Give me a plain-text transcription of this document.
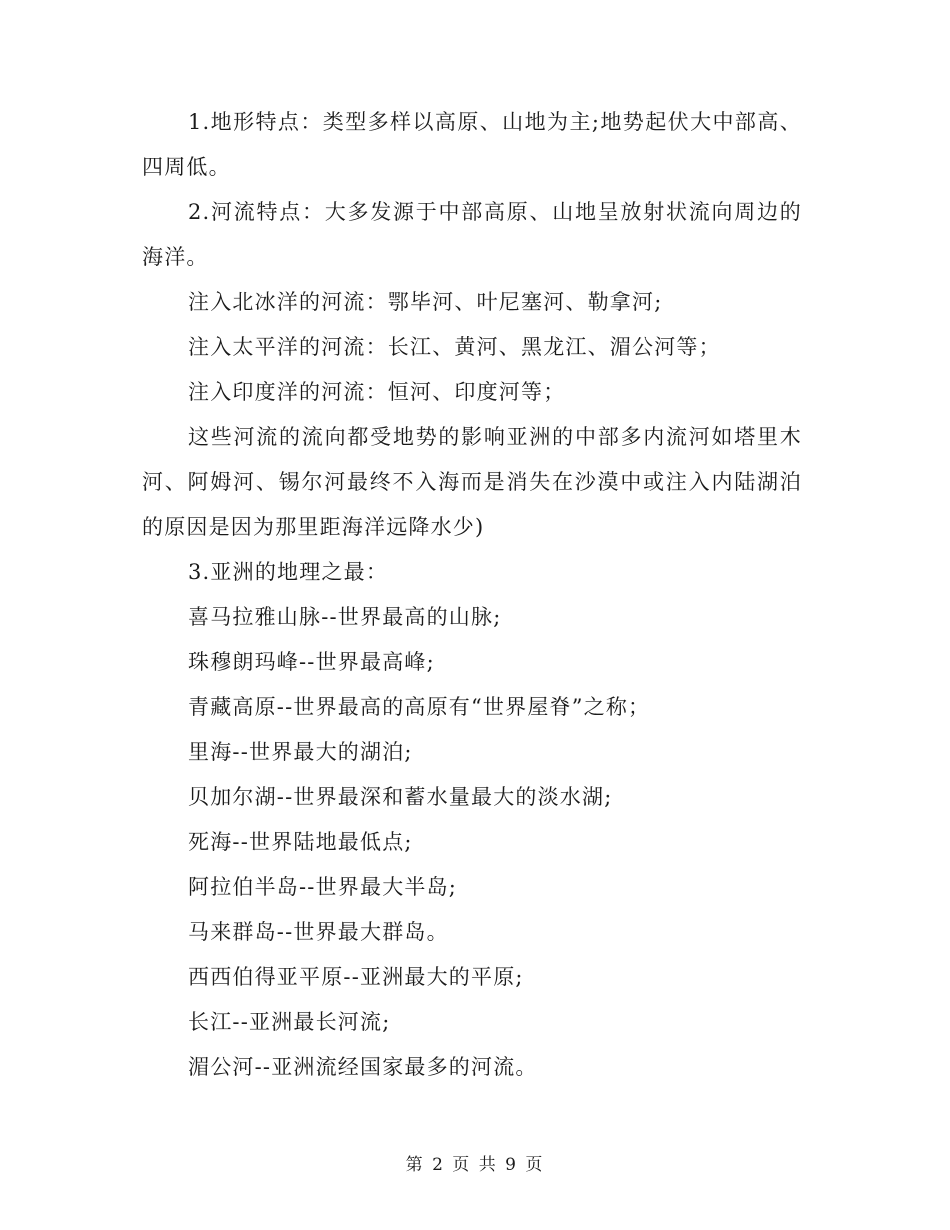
1.地形特点：类型多样以高原、山地为主;地势起伏大中部高、四周低。

2.河流特点：大多发源于中部高原、山地呈放射状流向周边的海洋。

注入北冰洋的河流：鄂毕河、叶尼塞河、勒拿河;

注入太平洋的河流：长江、黄河、黑龙江、湄公河等；

注入印度洋的河流：恒河、印度河等；

这些河流的流向都受地势的影响亚洲的中部多内流河如塔里木河、阿姆河、锡尔河最终不入海而是消失在沙漠中或注入内陆湖泊的原因是因为那里距海洋远降水少)

3.亚洲的地理之最：

喜马拉雅山脉--世界最高的山脉;

珠穆朗玛峰--世界最高峰;

青藏高原--世界最高的高原有“世界屋脊”之称；

里海--世界最大的湖泊;

贝加尔湖--世界最深和蓄水量最大的淡水湖;

死海--世界陆地最低点;

阿拉伯半岛--世界最大半岛;

马来群岛--世界最大群岛。

西西伯得亚平原--亚洲最大的平原;

长江--亚洲最长河流;

湄公河--亚洲流经国家最多的河流。

第 2 页 共 9 页
